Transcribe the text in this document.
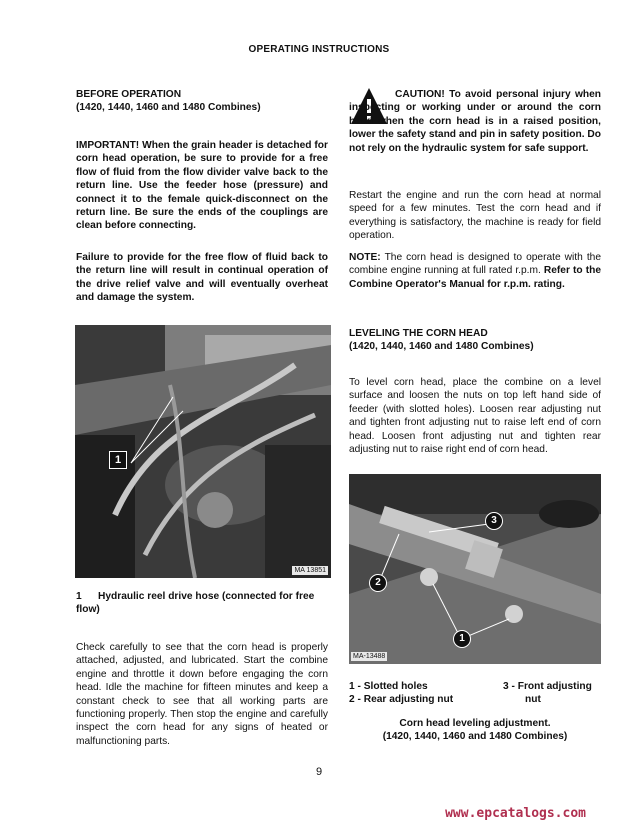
OPERATING INSTRUCTIONS

BEFORE OPERATION

(1420, 1440, 1460 and 1480 Combines)

IMPORTANT! When the grain header is detached for corn head operation, be sure to provide for a free flow of fluid from the flow divider valve back to the return line. Use the feeder hose (pressure) and connect it to the female quick-disconnect on the return line. Be sure the ends of the couplings are clean before connecting.
Failure to provide for the free flow of fluid back to the return line will result in continual operation of the drive relief valve and will eventually overheat and damage the system.
1
MA 13851
1 Hydraulic reel drive hose (connected for free flow)
Check carefully to see that the corn head is properly attached, adjusted, and lubricated. Start the combine engine and throttle it down before engaging the corn head. Idle the machine for fifteen minutes and keep a constant check to see that all working parts are functioning properly. Then stop the engine and carefully inspect the corn head for any signs of heated or malfunctioning parts.
CAUTION! To avoid personal injury when inspecting or working under or around the corn head when the corn head is in a raised position, lower the safety stand and pin in safety position. Do not rely on the hydraulic system for safe support.
Restart the engine and run the corn head at normal speed for a few minutes. Test the corn head and if everything is satisfactory, the machine is ready for field operation.
NOTE: The corn head is designed to operate with the combine engine running at full rated r.p.m. Refer to the Combine Operator's Manual for r.p.m. rating.

LEVELING THE CORN HEAD

(1420, 1440, 1460 and 1480 Combines)

To level corn head, place the combine on a level surface and loosen the nuts on top left hand side of feeder (with slotted holes). Loosen rear adjusting nut and tighten front adjusting nut to raise left end of corn head. Loosen front adjusting nut and tighten rear adjusting nut to raise right end of corn head.
3
2
1
MA-13488

1 - Slotted holes

2 - Rear adjusting nut

3 - Front adjusting

nut

Corn head leveling adjustment.

(1420, 1440, 1460 and 1480 Combines)

9
www.epcatalogs.com
